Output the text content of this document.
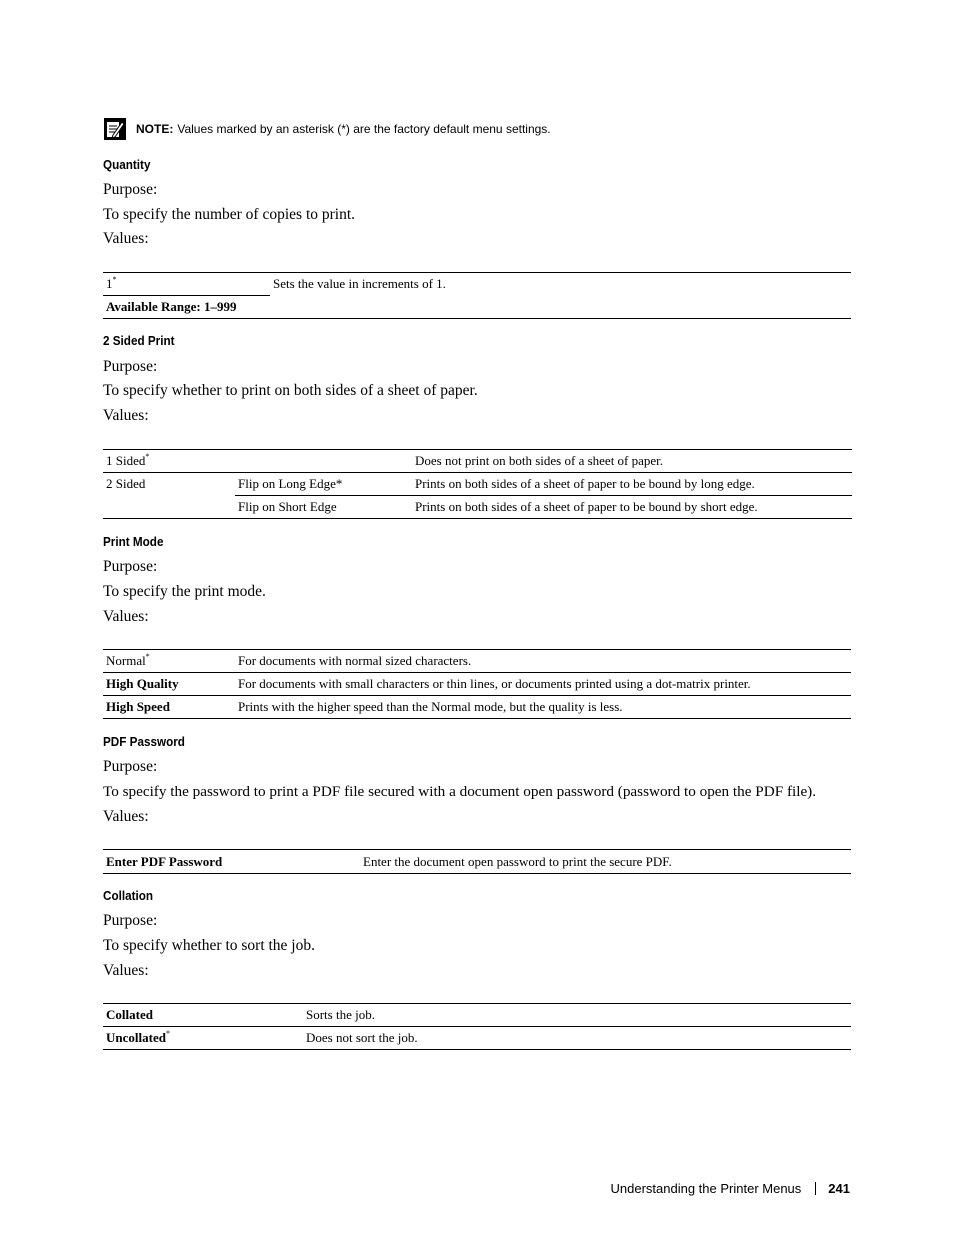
NOTE: Values marked by an asterisk (*) are the factory default menu settings.
Quantity
Purpose:
To specify the number of copies to print.
Values:
1*	Sets the value in increments of 1.
Available Range: 1–999	
2 Sided Print
Purpose:
To specify whether to print on both sides of a sheet of paper.
Values:
1 Sided*		Does not print on both sides of a sheet of paper.
2 Sided	Flip on Long Edge*	Prints on both sides of a sheet of paper to be bound by long edge.
	Flip on Short Edge	Prints on both sides of a sheet of paper to be bound by short edge.
Print Mode
Purpose:
To specify the print mode.
Values:
Normal*	For documents with normal sized characters.
High Quality	For documents with small characters or thin lines, or documents printed using a dot-matrix printer.
High Speed	Prints with the higher speed than the Normal mode, but the quality is less.
PDF Password
Purpose:
To specify the password to print a PDF file secured with a document open password (password to open the PDF file).
Values:
Enter PDF Password	Enter the document open password to print the secure PDF.
Collation
Purpose:
To specify whether to sort the job.
Values:
Collated	Sorts the job.
Uncollated*	Does not sort the job.
Understanding the Printer Menus 241
